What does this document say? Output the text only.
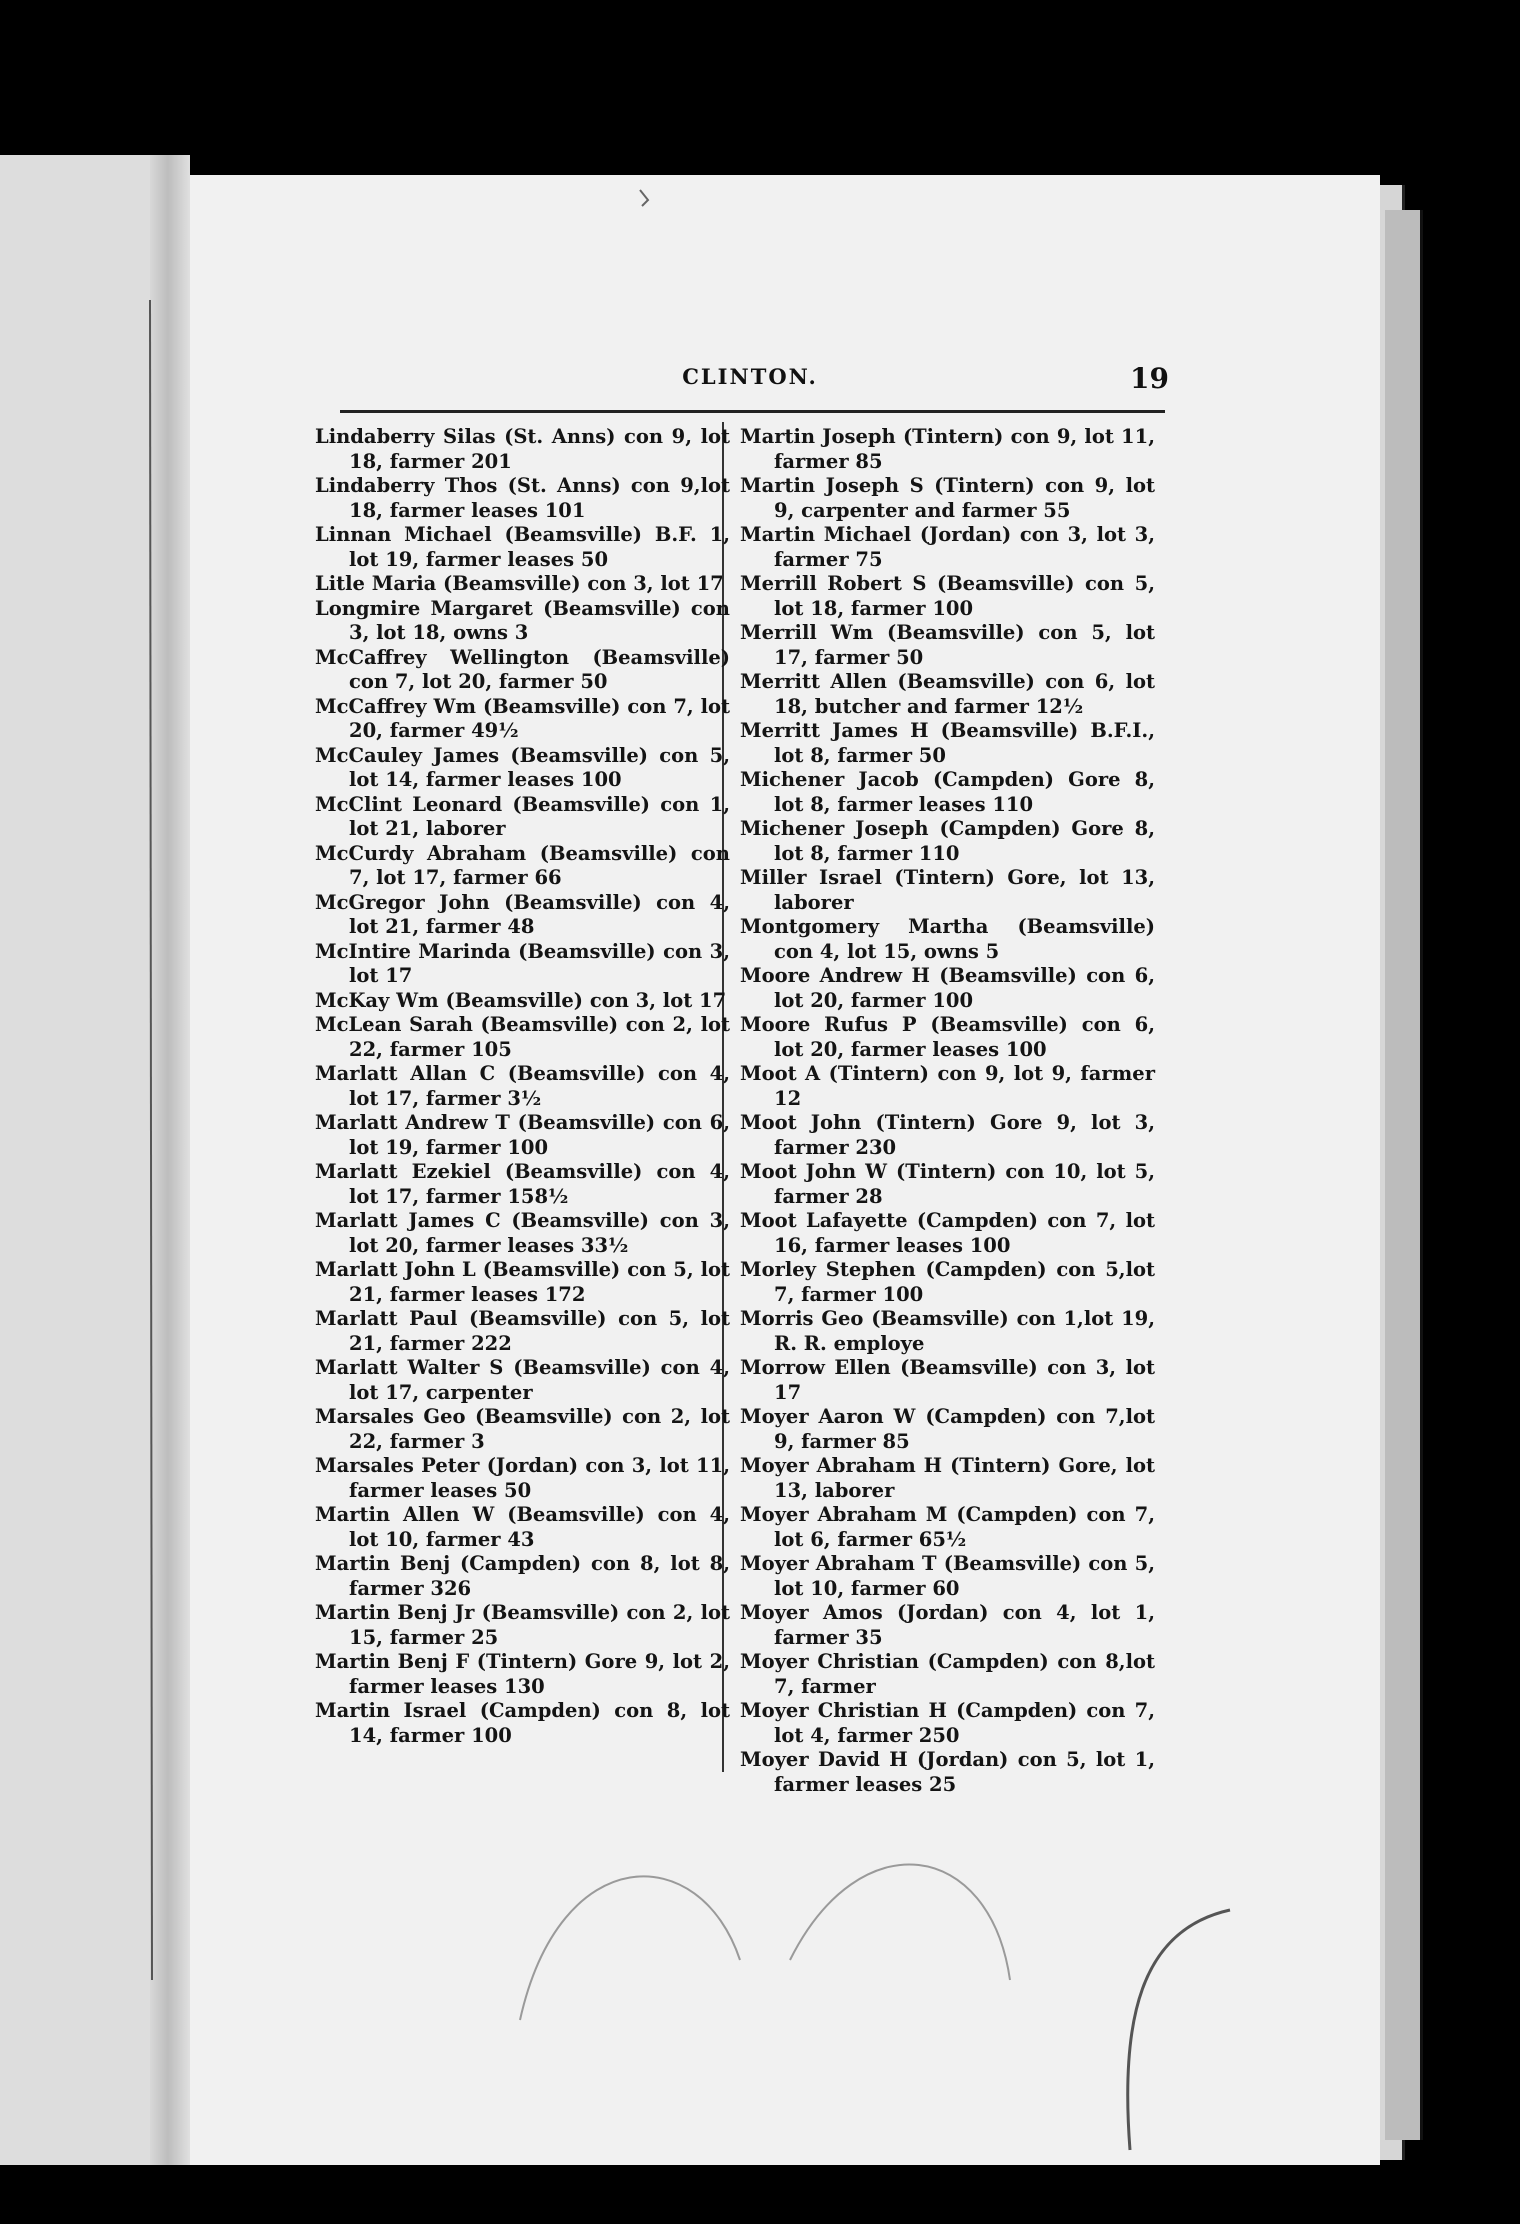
CLINTON.	19

Lindaberry Silas (St. Anns) con 9, lot 18, farmer 201

Lindaberry Thos (St. Anns) con 9,lot 18, farmer leases 101

Linnan Michael (Beamsville) B.F. 1, lot 19, farmer leases 50

Litle Maria (Beamsville) con 3, lot 17

Longmire Margaret (Beamsville) con 3, lot 18, owns 3

McCaffrey Wellington (Beamsville) con 7, lot 20, farmer 50

McCaffrey Wm (Beamsville) con 7, lot 20, farmer 49½

McCauley James (Beamsville) con 5, lot 14, farmer leases 100

McClint Leonard (Beamsville) con 1, lot 21, laborer

McCurdy Abraham (Beamsville) con 7, lot 17, farmer 66

McGregor John (Beamsville) con 4, lot 21, farmer 48

McIntire Marinda (Beamsville) con 3, lot 17

McKay Wm (Beamsville) con 3, lot 17

McLean Sarah (Beamsville) con 2, lot 22, farmer 105

Marlatt Allan C (Beamsville) con 4, lot 17, farmer 3½

Marlatt Andrew T (Beamsville) con 6, lot 19, farmer 100

Marlatt Ezekiel (Beamsville) con 4, lot 17, farmer 158½

Marlatt James C (Beamsville) con 3, lot 20, farmer leases 33½

Marlatt John L (Beamsville) con 5, lot 21, farmer leases 172

Marlatt Paul (Beamsville) con 5, lot 21, farmer 222

Marlatt Walter S (Beamsville) con 4, lot 17, carpenter

Marsales Geo (Beamsville) con 2, lot 22, farmer 3

Marsales Peter (Jordan) con 3, lot 11, farmer leases 50

Martin Allen W (Beamsville) con 4, lot 10, farmer 43

Martin Benj (Campden) con 8, lot 8, farmer 326

Martin Benj Jr (Beamsville) con 2, lot 15, farmer 25

Martin Benj F (Tintern) Gore 9, lot 2, farmer leases 130

Martin Israel (Campden) con 8, lot 14, farmer 100

Martin Joseph (Tintern) con 9, lot 11, farmer 85

Martin Joseph S (Tintern) con 9, lot 9, carpenter and farmer 55

Martin Michael (Jordan) con 3, lot 3, farmer 75

Merrill Robert S (Beamsville) con 5, lot 18, farmer 100

Merrill Wm (Beamsville) con 5, lot 17, farmer 50

Merritt Allen (Beamsville) con 6, lot 18, butcher and farmer 12½

Merritt James H (Beamsville) B.F.I., lot 8, farmer 50

Michener Jacob (Campden) Gore 8, lot 8, farmer leases 110

Michener Joseph (Campden) Gore 8, lot 8, farmer 110

Miller Israel (Tintern) Gore, lot 13, laborer

Montgomery Martha (Beamsville) con 4, lot 15, owns 5

Moore Andrew H (Beamsville) con 6, lot 20, farmer 100

Moore Rufus P (Beamsville) con 6, lot 20, farmer leases 100

Moot A (Tintern) con 9, lot 9, farmer 12

Moot John (Tintern) Gore 9, lot 3, farmer 230

Moot John W (Tintern) con 10, lot 5, farmer 28

Moot Lafayette (Campden) con 7, lot 16, farmer leases 100

Morley Stephen (Campden) con 5,lot 7, farmer 100

Morris Geo (Beamsville) con 1,lot 19, R. R. employe

Morrow Ellen (Beamsville) con 3, lot 17

Moyer Aaron W (Campden) con 7,lot 9, farmer 85

Moyer Abraham H (Tintern) Gore, lot 13, laborer

Moyer Abraham M (Campden) con 7, lot 6, farmer 65½

Moyer Abraham T (Beamsville) con 5, lot 10, farmer 60

Moyer Amos (Jordan) con 4, lot 1, farmer 35

Moyer Christian (Campden) con 8,lot 7, farmer

Moyer Christian H (Campden) con 7, lot 4, farmer 250

Moyer David H (Jordan) con 5, lot 1, farmer leases 25
